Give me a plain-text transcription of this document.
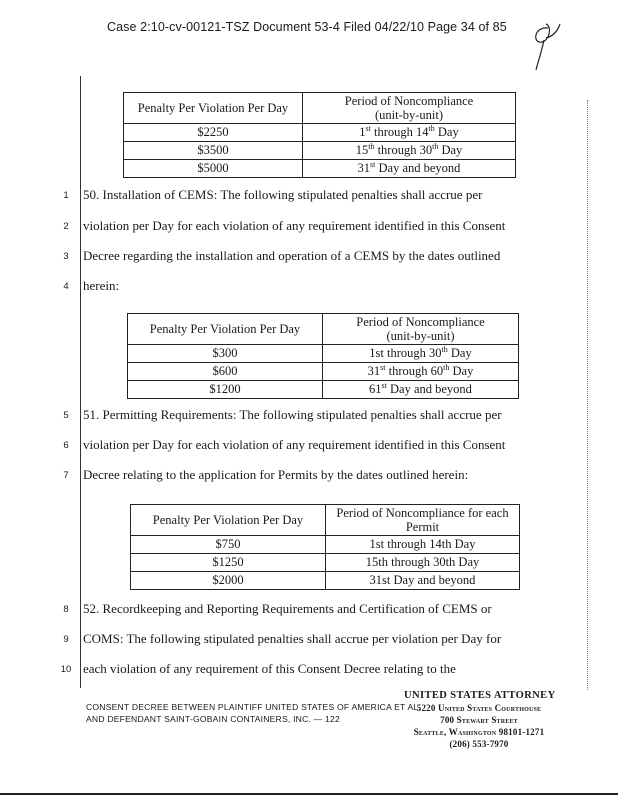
Case 2:10-cv-00121-TSZ Document 53-4 Filed 04/22/10 Page 34 of 85
Penalty Per Violation Per Day	Period of Noncompliance
(unit-by-unit)
$2250	1st through 14th Day
$3500	15th through 30th Day
$5000	31st Day and beyond
1 50. Installation of CEMS: The following stipulated penalties shall accrue per
2 violation per Day for each violation of any requirement identified in this Consent
3 Decree regarding the installation and operation of a CEMS by the dates outlined
4 herein:
Penalty Per Violation Per Day	Period of Noncompliance
(unit-by-unit)
$300	1st through 30th Day
$600	31st through 60th Day
$1200	61st Day and beyond
5 51. Permitting Requirements: The following stipulated penalties shall accrue per
6 violation per Day for each violation of any requirement identified in this Consent
7 Decree relating to the application for Permits by the dates outlined herein:
Penalty Per Violation Per Day	Period of Noncompliance for each
Permit
$750	1st through 14th Day
$1250	15th through 30th Day
$2000	31st Day and beyond
8 52. Recordkeeping and Reporting Requirements and Certification of CEMS or
9 COMS: The following stipulated penalties shall accrue per violation per Day for
10 each violation of any requirement of this Consent Decree relating to the
CONSENT DECREE BETWEEN PLAINTIFF UNITED STATES OF AMERICA ET AL.
AND DEFENDANT SAINT-GOBAIN CONTAINERS, INC. — 122
UNITED STATES ATTORNEY
5220 United States Courthouse
700 Stewart Street
Seattle, Washington 98101-1271
(206) 553-7970
